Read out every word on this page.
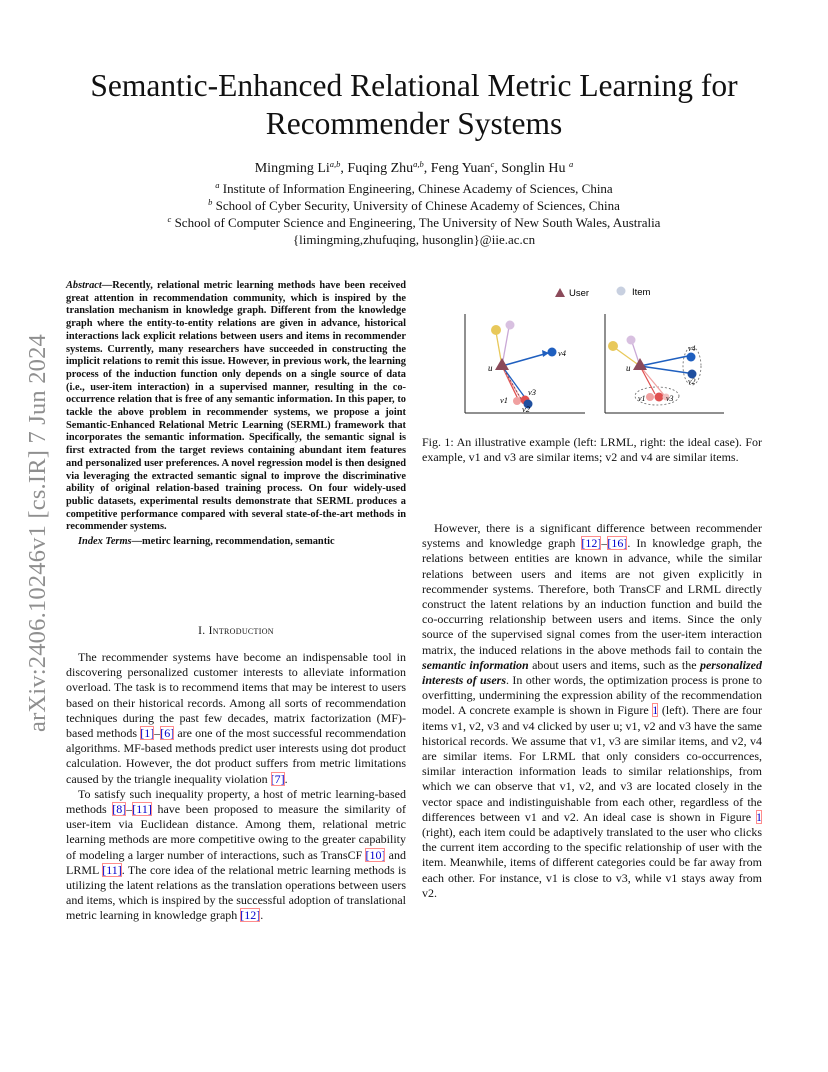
arXiv:2406.10246v1 [cs.IR] 7 Jun 2024
Semantic-Enhanced Relational Metric Learning for
Recommender Systems
Mingming Li$^{a,b}$, Fuqing Zhu$^{a,b}$, Feng Yuan$^c$, Songlin Hu $^a$
$^a$ Institute of Information Engineering, Chinese Academy of Sciences, China
$^b$ School of Cyber Security, University of Chinese Academy of Sciences, China
$^c$ School of Computer Science and Engineering, The University of New South Wales, Australia
{limingming,zhufuqing, husonglin}@iie.ac.cn

Abstract—Recently, relational metric learning methods have been received great attention in recommendation community, which is inspired by the translation mechanism in knowledge graph. Different from the knowledge graph where the entity-to-entity relations are given in advance, historical interactions lack explicit relations between users and items in recommender systems. Currently, many researchers have succeeded in constructing the implicit relations to remit this issue. However, in previous work, the learning process of the induction function only depends on a single source of data (i.e., user-item interaction) in a supervised manner, resulting in the co-occurrence relation that is free of any semantic information. In this paper, to tackle the above problem in recommender systems, we propose a joint Semantic-Enhanced Relational Metric Learning (SERML) framework that incorporates the semantic information. Specifically, the semantic signal is first extracted from the target reviews containing abundant item features and personalized user preferences. A novel regression model is then designed via leveraging the extracted semantic signal to improve the discriminative ability of original relation-based training process. On four widely-used public datasets, experimental results demonstrate that SERML produces a competitive performance compared with several state-of-the-art methods in recommender systems.

Index Terms—metirc learning, recommendation, semantic

I. Introduction

The recommender systems have become an indispensable tool in discovering personalized customer interests to alleviate information overload. The task is to recommend items that may be interest to users based on their historical records. Among all sorts of recommendation techniques during the past few decades, matrix factorization (MF)-based methods [1]–[6] are one of the most successful recommendation algorithms. MF-based methods predict user interests using dot product calculation. However, the dot product suffers from metric limitations caused by the triangle inequality violation [7].

To satisfy such inequality property, a host of metric learning-based methods [8]–[11] have been proposed to measure the similarity of user-item via Euclidean distance. Among them, relational metric learning methods are more competitive owing to the greater capability of modeling a larger number of interactions, such as TransCF [10] and LRML [11]. The core idea of the relational metric learning methods is utilizing the latent relations as the translation operations between users and items, which is inspired by the successful adoption of translational metric learning in knowledge graph [12].

User	Item
u
v4
v1
v3
v2
u
v4
v2
v1	v3
Fig. 1: An illustrative example (left: LRML, right: the ideal case). For example, v1 and v3 are similar items; v2 and v4 are similar items.

However, there is a significant difference between recommender systems and knowledge graph [12]–[16]. In knowledge graph, the relations between entities are known in advance, while the similar relations between users and items are not given explicitly in recommender systems. Therefore, both TransCF and LRML directly construct the latent relations by an induction function and build the co-occurring relationship between users and items. Since the only source of the supervised signal comes from the user-item interaction matrix, the induced relations in the above methods fail to contain the semantic information about users and items, such as the personalized interests of users. In other words, the optimization process is prone to overfitting, undermining the expression ability of the recommendation model. A concrete example is shown in Figure 1 (left). There are four items v1, v2, v3 and v4 clicked by user u; v1, v2 and v3 have the same historical records. We assume that v1, v3 are similar items, and v2, v4 are similar items. For LRML that only considers co-occurrences, similar interaction information leads to similar relationships, from which we can observe that v1, v2, and v3 are located closely in the vector space and indistinguishable from each other, regardless of the differences between v1 and v2. An ideal case is shown in Figure 1 (right), each item could be adaptively translated to the user who clicks the current item according to the specific relationship of user with the item. Meanwhile, items of different categories could be far away from each other. For instance, v1 is close to v3, while v1 stays away from v2.
